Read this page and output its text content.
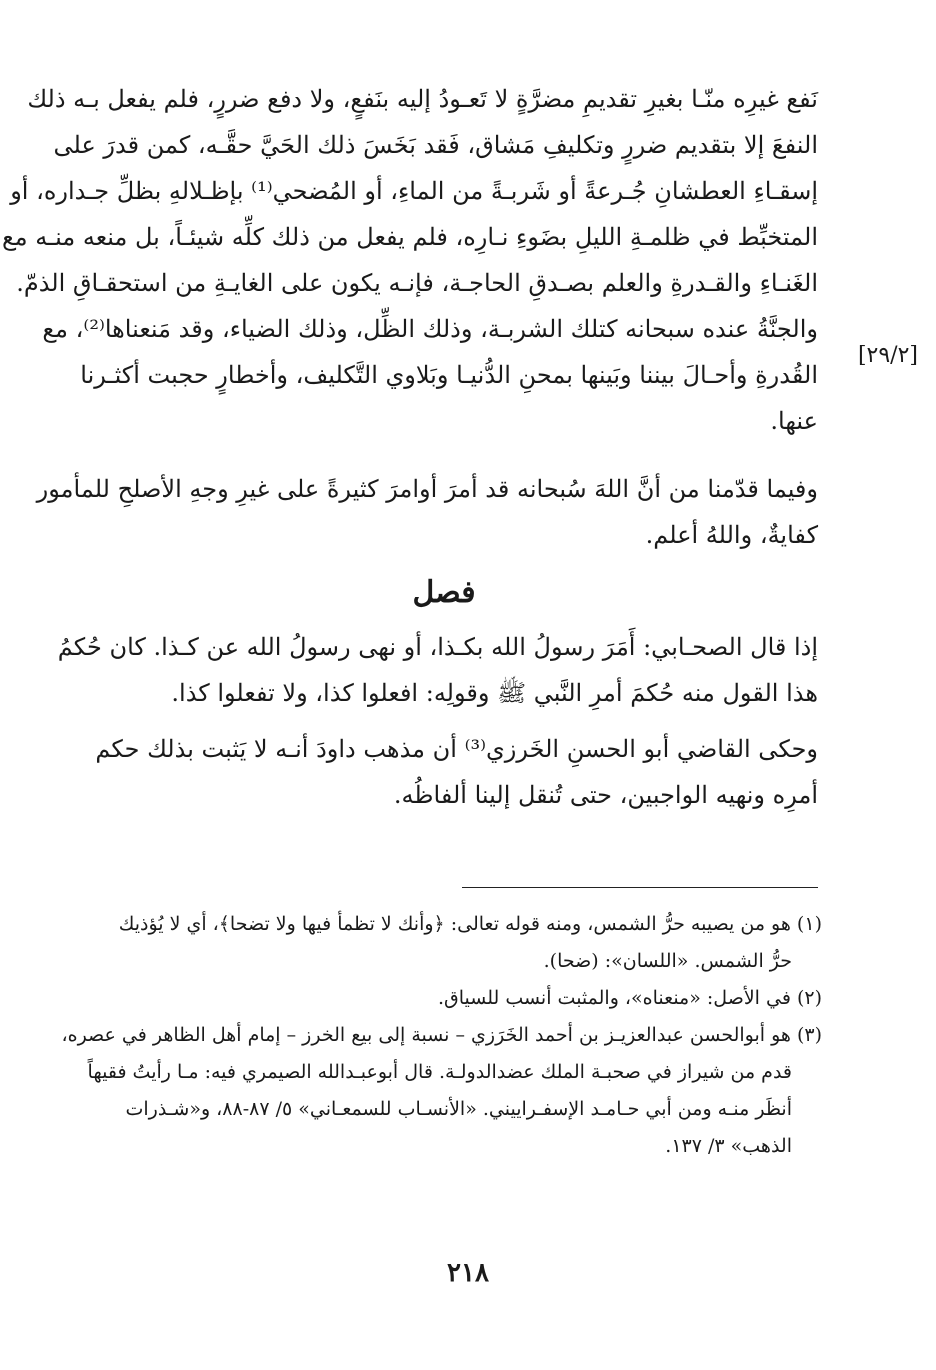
نَفع غيرِه منّـا بغيرِ تقديمِ مضرَّةٍ لا تَعـودُ إليه بنَفعٍ، ولا دفع ضررٍ، فلم يفعل بـه ذلك
النفعَ إلا بتقديم ضررٍ وتكليفِ مَشاق، فَقد بَخَسَ ذلك الحَيَّ حقَّـه، كمن قدرَ على
إسقـاءِ العطشانِ جُـرعةً أو شَربـةً من الماءِ، أو المُضحي⁽¹⁾ بإظـلالهِ بظلِّ جـداره، أو
المتخبِّط في ظلمـةِ الليلِ بضَوءِ نـارِه، فلم يفعل من ذلك كلِّه شيئـاً، بل منعه منـه مع
الغَنـاءِ والقـدرةِ والعلم بصـدقِ الحاجـة، فإنـه يكون على الغايـةِ من استحقـاقِ الذمّ.

والجنَّةُ عنده سبحانه كتلك الشربـة، وذلك الظِّل، وذلك الضياء، وقد مَنعناها⁽²⁾، مع
القُدرةِ وأحـالَ بيننا وبَينها بمحنِ الدُّنيـا وبَلاوي التَّكليف، وأخطارٍ حجبت أكثـرنا
عنها.

وفيما قدّمنا من أنَّ اللهَ سُبحانه قد أمرَ أوامرَ كثيرةً على غيرِ وجهِ الأصلحِ للمأمور
كفايةٌ، واللهُ أعلم.

فصل

إذا قال الصحـابي: أَمَرَ رسولُ الله بكـذا، أو نهى رسولُ الله عن كـذا. كان حُكمُ
هذا القول منه حُكمَ أمرِ النَّبي ﷺ وقولِه: افعلوا كذا، ولا تفعلوا كذا.

وحكى القاضي أبو الحسنِ الخَرزي⁽³⁾ أن مذهب داودَ أنـه لا يَثبت بذلك حكم
أمرِه ونهيه الواجبين، حتى تُنقل إلينا ألفاظُه.

[٢٩/٢]
(١) هو من يصيبه حرُّ الشمس، ومنه قوله تعالى: ﴿وأنك لا تظمأ فيها ولا تضحا﴾، أي لا يُؤذيك
حرُّ الشمس. «اللسان»: (ضحا).
(٢) في الأصل: «منعناه»، والمثبت أنسب للسياق.
(٣) هو أبوالحسن عبدالعزيـز بن أحمد الخَرَزي – نسبة إلى بيع الخرز – إمام أهل الظاهر في عصره،
قدم من شيراز في صحبـة الملك عضدالدولـة. قال أبوعبـدالله الصيمري فيه: مـا رأيتُ فقيهاً
أنظَر منـه ومن أبي حـامـد الإسفـراييني. «الأنسـاب للسمعـاني» ٥/ ٨٧-٨٨، و«شـذرات
الذهب» ٣/ ١٣٧.
٢١٨
